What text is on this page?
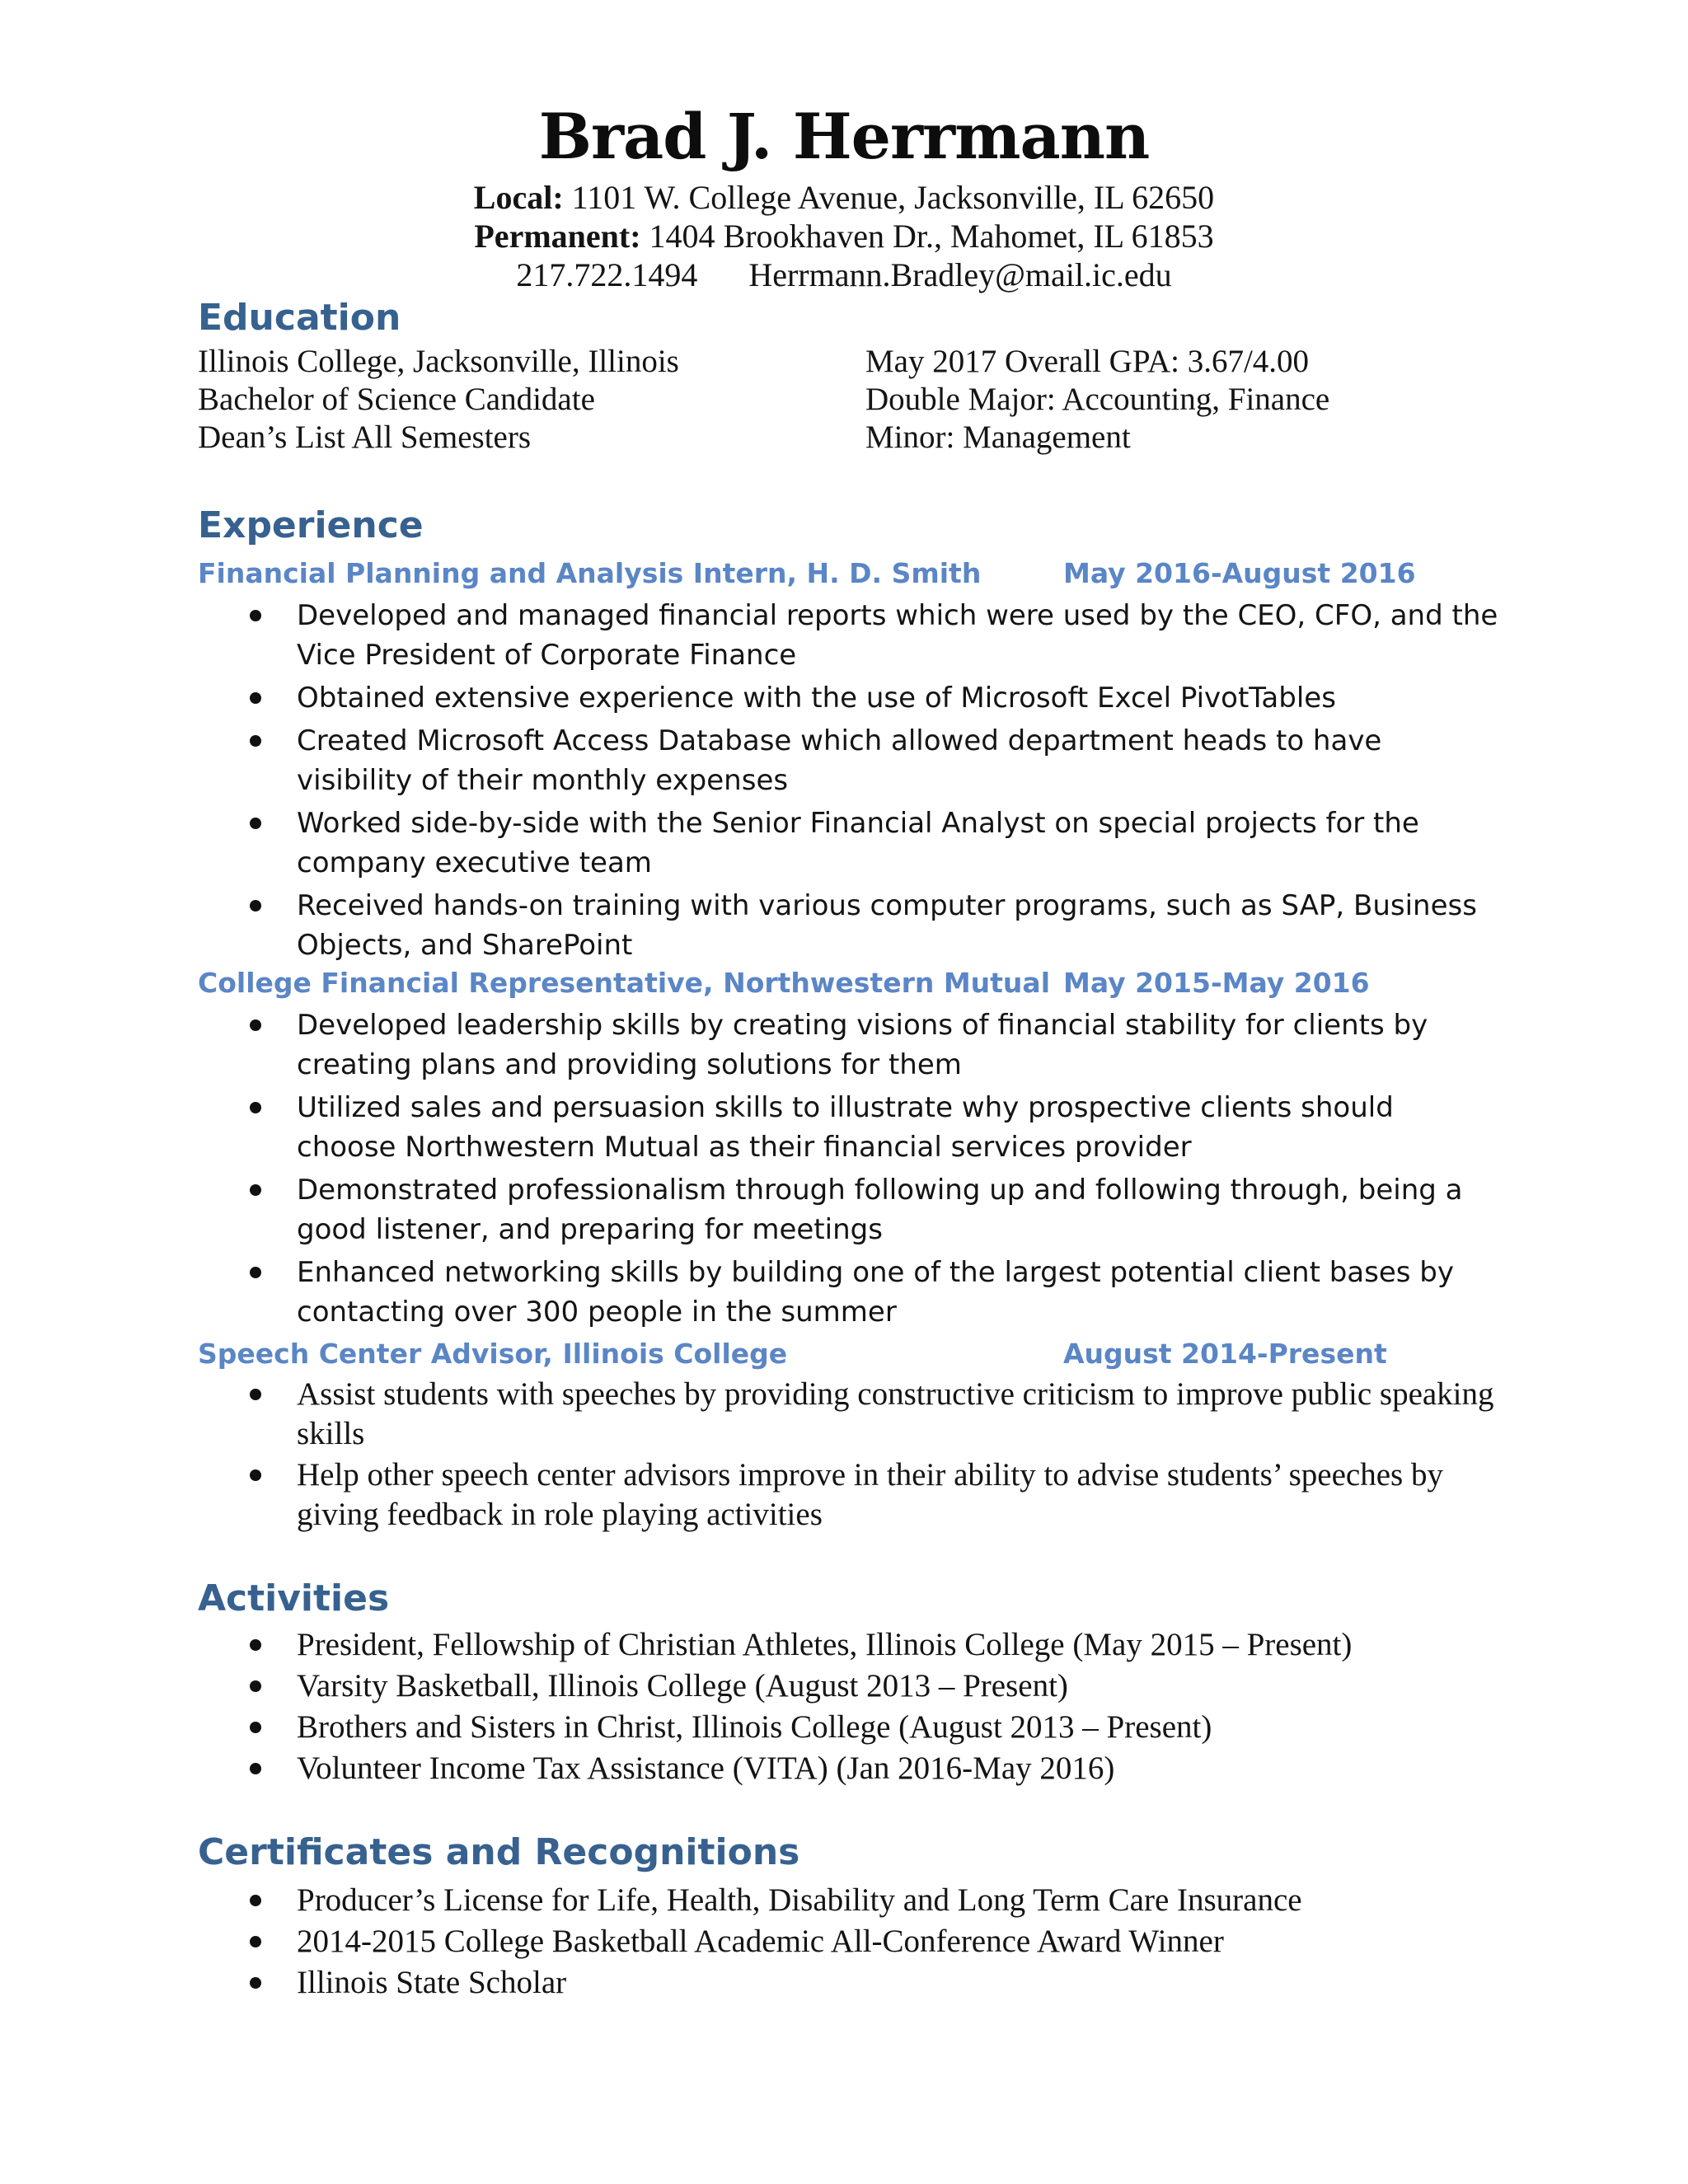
Brad J. Herrmann
Local: 1101 W. College Avenue, Jacksonville, IL 62650
Permanent: 1404 Brookhaven Dr., Mahomet, IL 61853
217.722.1494 Herrmann.Bradley@mail.ic.edu
Education
Illinois College, Jacksonville, Illinois	May 2017 Overall GPA: 3.67/4.00
Bachelor of Science Candidate	Double Major: Accounting, Finance
Dean’s List All Semesters	Minor: Management
Experience
Financial Planning and Analysis Intern, H. D. Smith	May 2016-August 2016
Developed and managed financial reports which were used by the CEO, CFO, and the Vice President of Corporate Finance
Obtained extensive experience with the use of Microsoft Excel PivotTables
Created Microsoft Access Database which allowed department heads to have visibility of their monthly expenses
Worked side-by-side with the Senior Financial Analyst on special projects for the company executive team
Received hands-on training with various computer programs, such as SAP, Business Objects, and SharePoint
College Financial Representative, Northwestern Mutual May 2015-May 2016
Developed leadership skills by creating visions of financial stability for clients by creating plans and providing solutions for them
Utilized sales and persuasion skills to illustrate why prospective clients should choose Northwestern Mutual as their financial services provider
Demonstrated professionalism through following up and following through, being a good listener, and preparing for meetings
Enhanced networking skills by building one of the largest potential client bases by contacting over 300 people in the summer
Speech Center Advisor, Illinois College	August 2014-Present
Assist students with speeches by providing constructive criticism to improve public speaking skills
Help other speech center advisors improve in their ability to advise students’ speeches by giving feedback in role playing activities
Activities
President, Fellowship of Christian Athletes, Illinois College (May 2015 – Present)
Varsity Basketball, Illinois College (August 2013 – Present)
Brothers and Sisters in Christ, Illinois College (August 2013 – Present)
Volunteer Income Tax Assistance (VITA) (Jan 2016-May 2016)
Certificates and Recognitions
Producer’s License for Life, Health, Disability and Long Term Care Insurance
2014-2015 College Basketball Academic All-Conference Award Winner
Illinois State Scholar
